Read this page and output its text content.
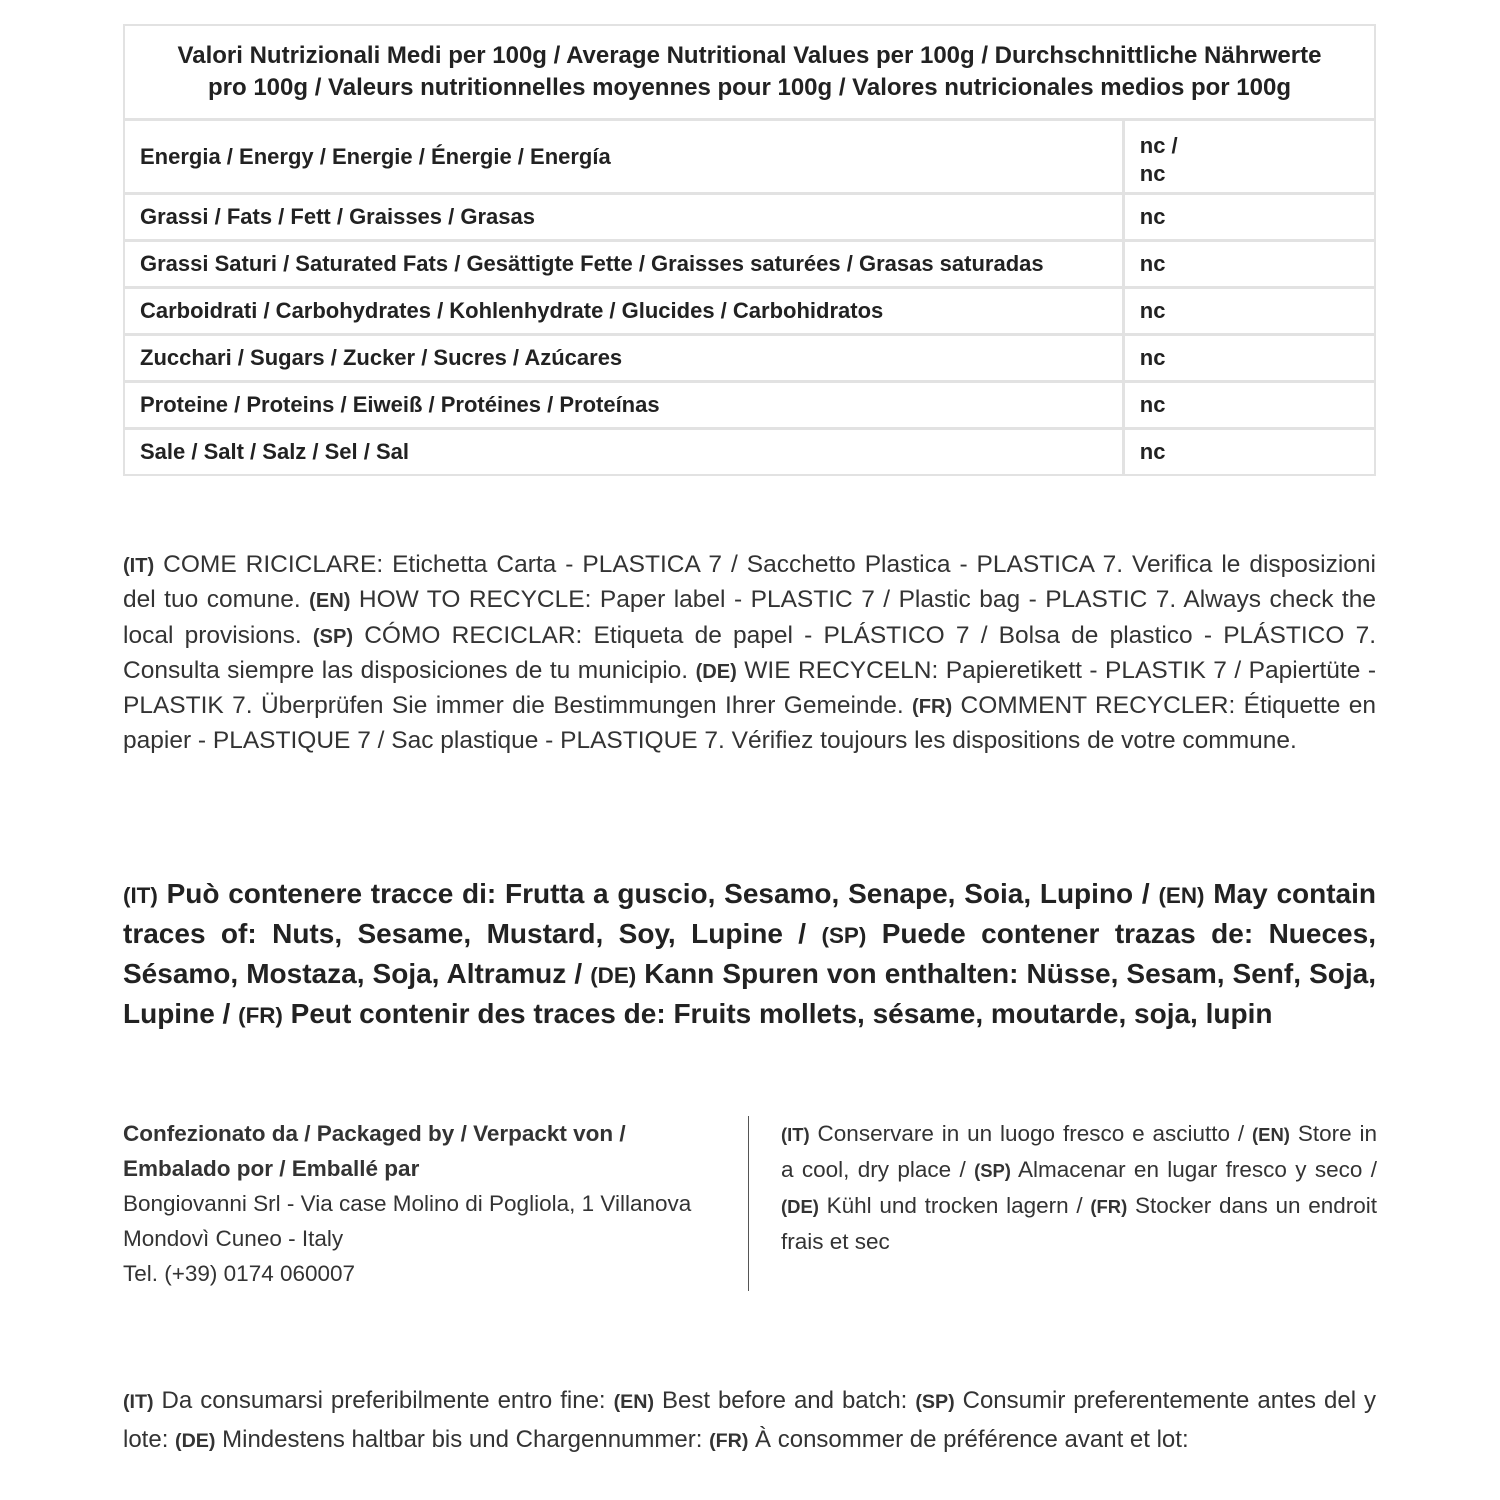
Valori Nutrizionali Medi per 100g / Average Nutritional Values per 100g / Durchschnittliche Nährwerte
pro 100g / Valeurs nutritionnelles moyennes pour 100g / Valores nutricionales medios por 100g	
Energia / Energy / Energie / Énergie / Energía	nc /
nc
Grassi / Fats / Fett / Graisses / Grasas	nc
Grassi Saturi / Saturated Fats / Gesättigte Fette / Graisses saturées / Grasas saturadas	nc
Carboidrati / Carbohydrates / Kohlenhydrate / Glucides / Carbohidratos	nc
Zucchari / Sugars / Zucker / Sucres / Azúcares	nc
Proteine / Proteins / Eiweiß / Protéines / Proteínas	nc
Sale / Salt / Salz / Sel / Sal	nc

(IT) COME RICICLARE: Etichetta Carta - PLASTICA 7 / Sacchetto Plastica - PLASTICA 7. Verifica le disposizioni del tuo comune. (EN) HOW TO RECYCLE: Paper label - PLASTIC 7 / Plastic bag - PLASTIC 7. Always check the local provisions. (SP) CÓMO RECICLAR: Etiqueta de papel - PLÁSTICO 7 / Bolsa de plastico - PLÁSTICO 7. Consulta siempre las disposiciones de tu municipio. (DE) WIE RECYCELN: Papieretikett - PLASTIK 7 / Papiertüte - PLASTIK 7. Überprüfen Sie immer die Bestimmungen Ihrer Gemeinde. (FR) COMMENT RECYCLER: Étiquette en papier - PLASTIQUE 7 / Sac plastique - PLASTIQUE 7. Vérifiez toujours les dispositions de votre commune.

(IT) Può contenere tracce di: Frutta a guscio, Sesamo, Senape, Soia, Lupino / (EN) May contain traces of: Nuts, Sesame, Mustard, Soy, Lupine / (SP) Puede contener trazas de: Nueces, Sésamo, Mostaza, Soja, Altramuz / (DE) Kann Spuren von enthalten: Nüsse, Sesam, Senf, Soja, Lupine / (FR) Peut contenir des traces de: Fruits mollets, sésame, moutarde, soja, lupin

Confezionato da / Packaged by / Verpackt von /
Embalado por / Emballé par
Bongiovanni Srl - Via case Molino di Pogliola, 1 Villanova
Mondovì Cuneo - Italy
Tel. (+39) 0174 060007

(IT) Conservare in un luogo fresco e asciutto / (EN) Store in a cool, dry place / (SP) Almacenar en lugar fresco y seco / (DE) Kühl und trocken lagern / (FR) Stocker dans un endroit frais et sec

(IT) Da consumarsi preferibilmente entro fine: (EN) Best before and batch: (SP) Consumir preferentemente antes del y lote: (DE) Mindestens haltbar bis und Chargennummer: (FR) À consommer de préférence avant et lot:
